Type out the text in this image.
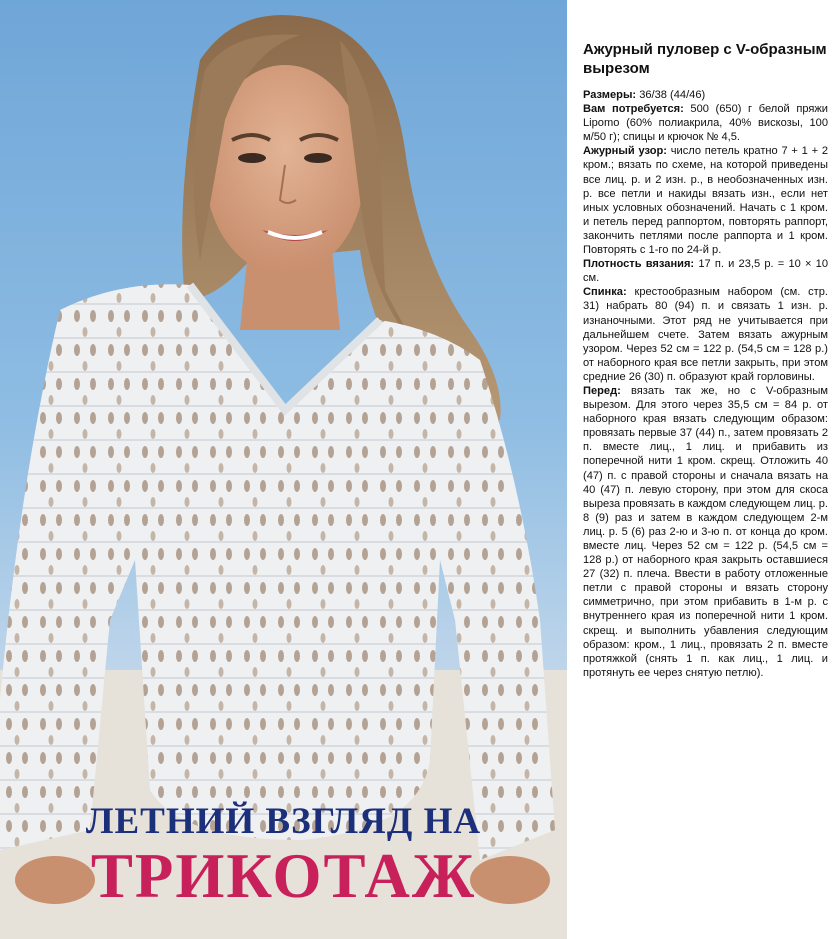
ЛЕТНИЙ ВЗГЛЯД НА
ТРИКОТАЖ
Ажурный пуловер с V-образным вырезом

Размеры: 36/38 (44/46)

Вам потребуется: 500 (650) г белой пряжи Lipomo (60% полиакрила, 40% вискозы, 100 м/50 г); спицы и крючок № 4,5.

Ажурный узор: число петель кратно 7 + 1 + 2 кром.; вязать по схеме, на которой приведены все лиц. р. и 2 изн. р., в необозначенных изн. р. все петли и накиды вязать изн., если нет иных условных обозначений. Начать с 1 кром. и петель перед раппортом, повторять раппорт, закончить петлями после раппорта и 1 кром. Повторять с 1-го по 24-й р.

Плотность вязания: 17 п. и 23,5 р. = 10 × 10 см.

Спинка: крестообразным набором (см. стр. 31) набрать 80 (94) п. и связать 1 изн. р. изнаночными. Этот ряд не учитывается при дальнейшем счете. Затем вязать ажурным узором. Через 52 см = 122 р. (54,5 см = 128 р.) от наборного края все петли закрыть, при этом средние 26 (30) п. образуют край горловины.

Перед: вязать так же, но с V-образным вырезом. Для этого через 35,5 см = 84 р. от наборного края вязать следующим образом: провязать первые 37 (44) п., затем провязать 2 п. вместе лиц., 1 лиц. и прибавить из поперечной нити 1 кром. скрещ. Отложить 40 (47) п. с правой стороны и сначала вязать на 40 (47) п. левую сторону, при этом для скоса выреза провязать в каждом следующем лиц. р. 8 (9) раз и затем в каждом следующем 2-м лиц. р. 5 (6) раз 2-ю и 3-ю п. от конца до кром. вместе лиц. Через 52 см = 122 р. (54,5 см = 128 р.) от наборного края закрыть оставшиеся 27 (32) п. плеча. Ввести в работу отложенные петли с правой стороны и вязать сторону симметрично, при этом прибавить в 1-м р. с внутреннего края из поперечной нити 1 кром. скрещ. и выполнить убавления следующим образом: кром., 1 лиц., провязать 2 п. вместе протяжкой (снять 1 п. как лиц., 1 лиц. и протянуть ее через снятую петлю).
